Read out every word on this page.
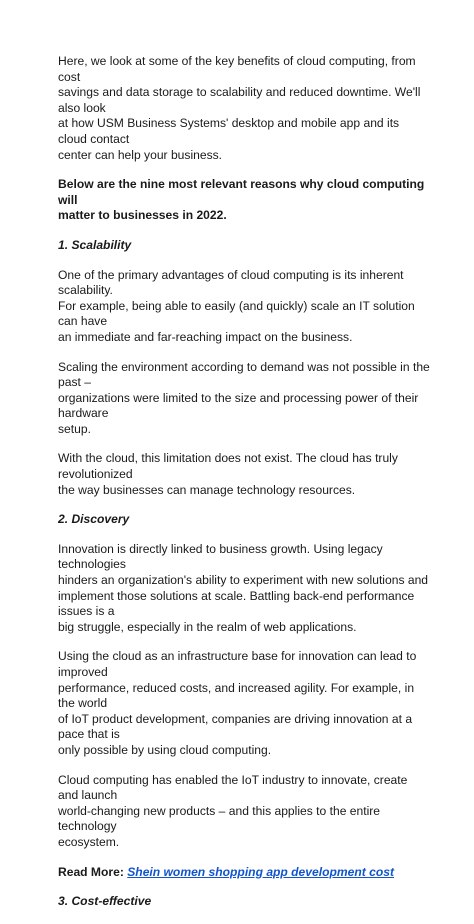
Here, we look at some of the key benefits of cloud computing, from cost
savings and data storage to scalability and reduced downtime. We'll also look
at how USM Business Systems' desktop and mobile app and its cloud contact
center can help your business.

Below are the nine most relevant reasons why cloud computing will
matter to businesses in 2022.

1. Scalability

One of the primary advantages of cloud computing is its inherent scalability.
For example, being able to easily (and quickly) scale an IT solution can have
an immediate and far-reaching impact on the business.

Scaling the environment according to demand was not possible in the past –
organizations were limited to the size and processing power of their hardware
setup.

With the cloud, this limitation does not exist. The cloud has truly revolutionized
the way businesses can manage technology resources.

2. Discovery

Innovation is directly linked to business growth. Using legacy technologies
hinders an organization's ability to experiment with new solutions and
implement those solutions at scale. Battling back-end performance issues is a
big struggle, especially in the realm of web applications.

Using the cloud as an infrastructure base for innovation can lead to improved
performance, reduced costs, and increased agility. For example, in the world
of IoT product development, companies are driving innovation at a pace that is
only possible by using cloud computing.

Cloud computing has enabled the IoT industry to innovate, create and launch
world-changing new products – and this applies to the entire technology
ecosystem.

Read More: Shein women shopping app development cost

3. Cost-effective
